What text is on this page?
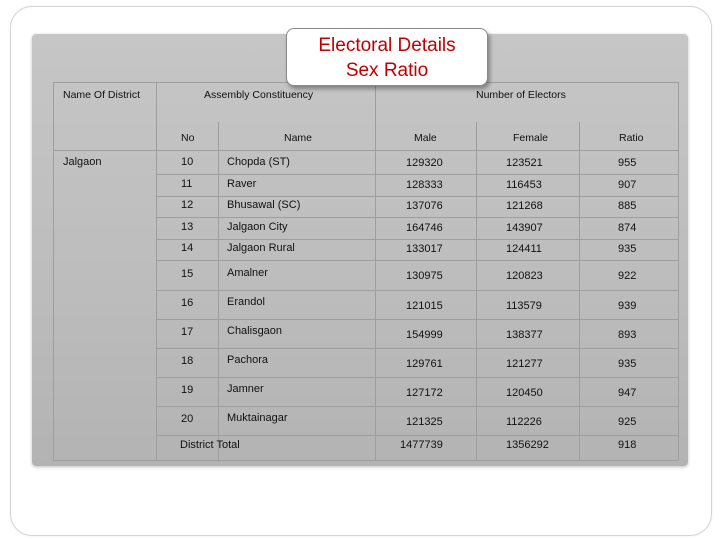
Electoral Details
Sex Ratio
Name Of District	Assembly Constituency	Number of Electors
No	Name	Male	Female	Ratio
Jalgaon	10	Chopda (ST)	129320	123521	955
11	Raver	128333	116453	907
12	Bhusawal (SC)	137076	121268	885
13	Jalgaon City	164746	143907	874
14	Jalgaon Rural	133017	124411	935
15	Amalner	130975	120823	922
16	Erandol	121015	113579	939
17	Chalisgaon	154999	138377	893
18	Pachora	129761	121277	935
19	Jamner	127172	120450	947
20	Muktainagar	121325	112226	925
District Total	1477739	1356292	918
